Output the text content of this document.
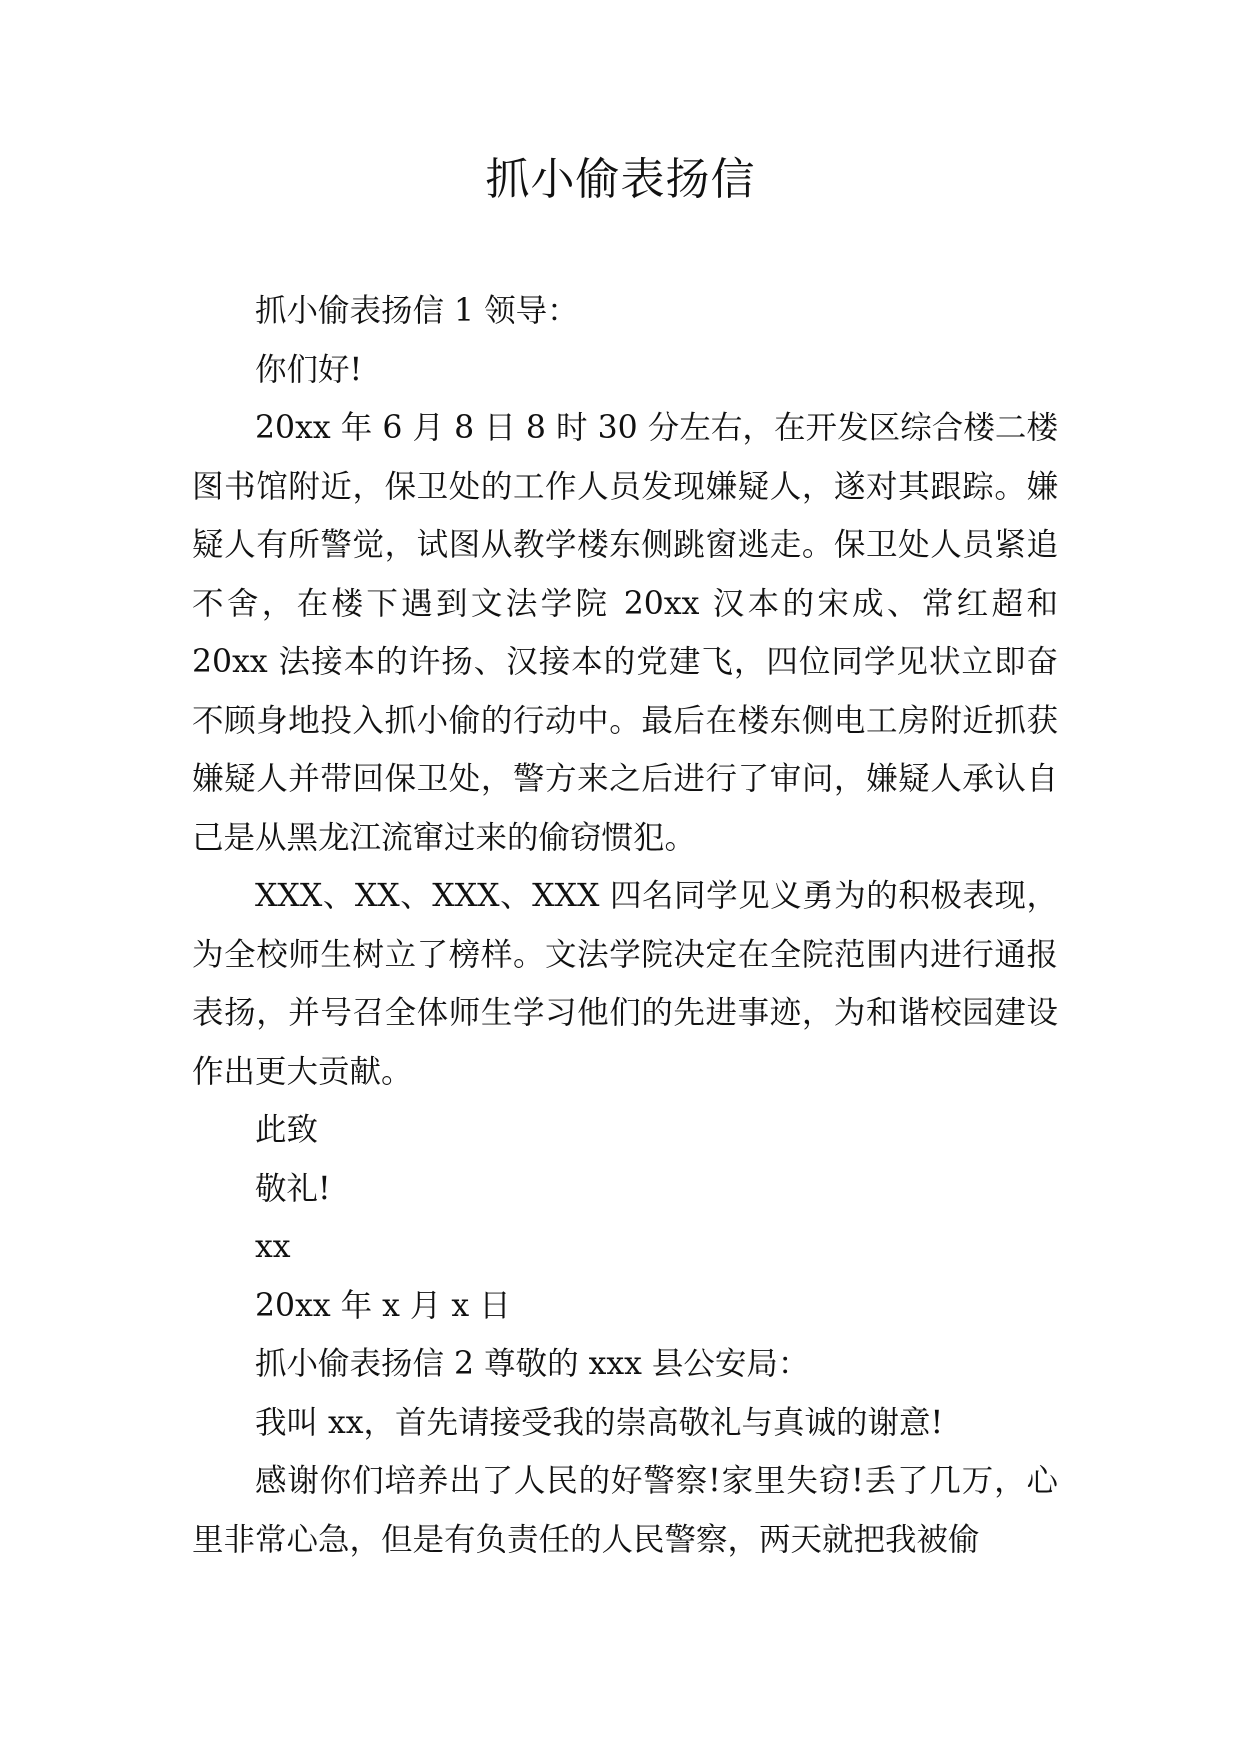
抓小偷表扬信

抓小偷表扬信 1 领导：

你们好!

20xx 年 6 月 8 日 8 时 30 分左右，在开发区综合楼二楼图书馆附近，保卫处的工作人员发现嫌疑人，遂对其跟踪。嫌疑人有所警觉，试图从教学楼东侧跳窗逃走。保卫处人员紧追不舍，在楼下遇到文法学院 20xx 汉本的宋成、常红超和 20xx 法接本的许扬、汉接本的党建飞，四位同学见状立即奋不顾身地投入抓小偷的行动中。最后在楼东侧电工房附近抓获嫌疑人并带回保卫处，警方来之后进行了审问，嫌疑人承认自己是从黑龙江流窜过来的偷窃惯犯。

XXX、XX、XXX、XXX 四名同学见义勇为的积极表现，为全校师生树立了榜样。文法学院决定在全院范围内进行通报表扬，并号召全体师生学习他们的先进事迹，为和谐校园建设作出更大贡献。

此致

敬礼!

xx

20xx 年 x 月 x 日

抓小偷表扬信 2 尊敬的 xxx 县公安局：

我叫 xx，首先请接受我的崇高敬礼与真诚的谢意!

感谢你们培养出了人民的好警察!家里失窃!丢了几万，心里非常心急，但是有负责任的人民警察，两天就把我被偷
